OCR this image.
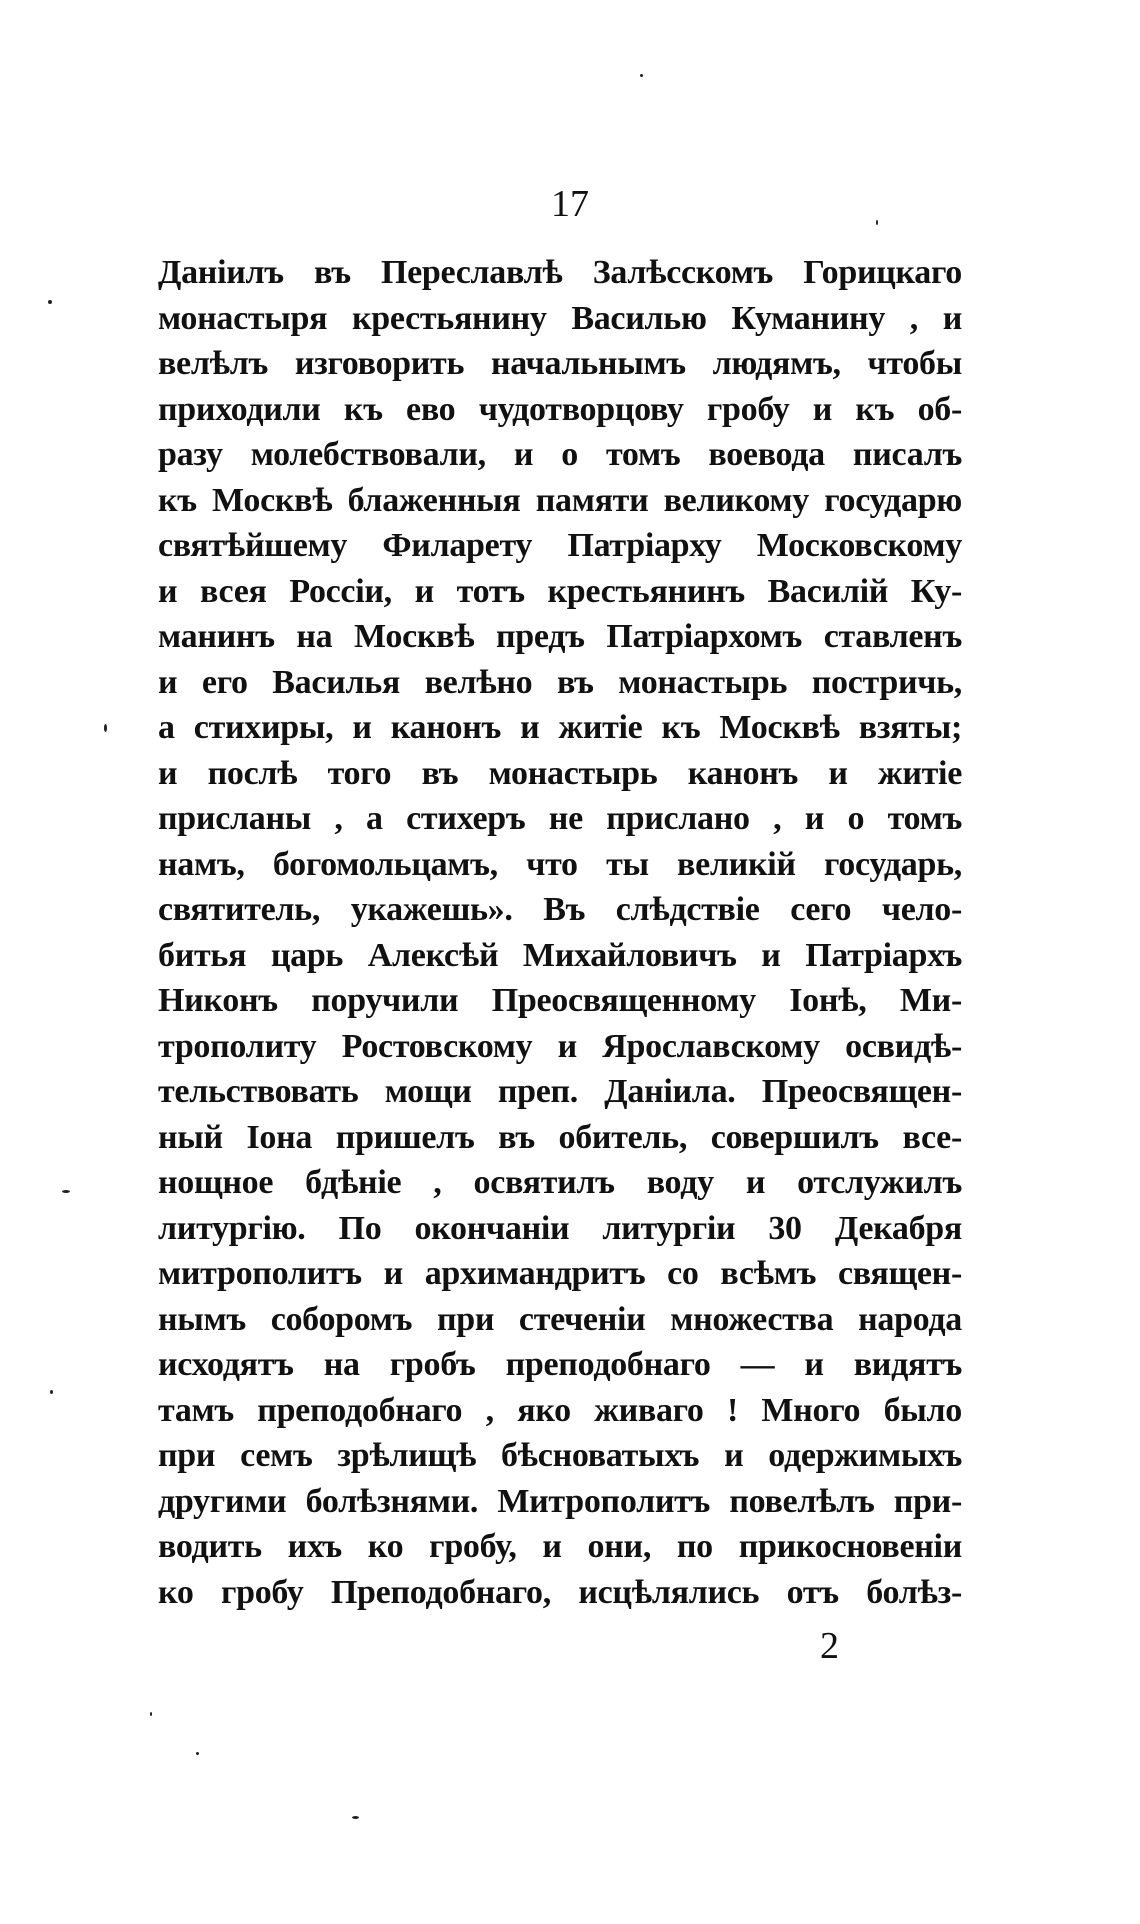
17
Даніилъ въ Переславлѣ Залѣсскомъ Горицкаго
монастыря крестьянину Василью Куманину , и
велѣлъ изговорить начальнымъ людямъ, чтобы
приходили къ ево чудотворцову гробу и къ об-
разу молебствовали, и о томъ воевода писалъ
къ Москвѣ блаженныя памяти великому государю
святѣйшему Филарету Патріарху Московскому
и всея Россіи, и тотъ крестьянинъ Василій Ку-
манинъ на Москвѣ предъ Патріархомъ ставленъ
и его Василья велѣно въ монастырь постричь,
а стихиры, и канонъ и житіе къ Москвѣ взяты;
и послѣ того въ монастырь канонъ и житіе
присланы , а стихеръ не прислано , и о томъ
намъ, богомольцамъ, что ты великій государь,
святитель, укажешь». Въ слѣдствіе сего чело-
битья царь Алексѣй Михайловичъ и Патріархъ
Никонъ поручили Преосвященному Іонѣ, Ми-
трополиту Ростовскому и Ярославскому освидѣ-
тельствовать мощи преп. Даніила. Преосвящен-
ный Іона пришелъ въ обитель, совершилъ все-
нощное бдѣніе , освятилъ воду и отслужилъ
литургію. По окончаніи литургіи 30 Декабря
митрополитъ и архимандритъ со всѣмъ священ-
нымъ соборомъ при стеченіи множества народа
исходятъ на гробъ преподобнаго — и видятъ
тамъ преподобнаго , яко живаго ! Много было
при семъ зрѣлищѣ бѣсноватыхъ и одержимыхъ
другими болѣзнями. Митрополитъ повелѣлъ при-
водить ихъ ко гробу, и они, по прикосновеніи
ко гробу Преподобнаго, исцѣлялись отъ болѣз-
2
